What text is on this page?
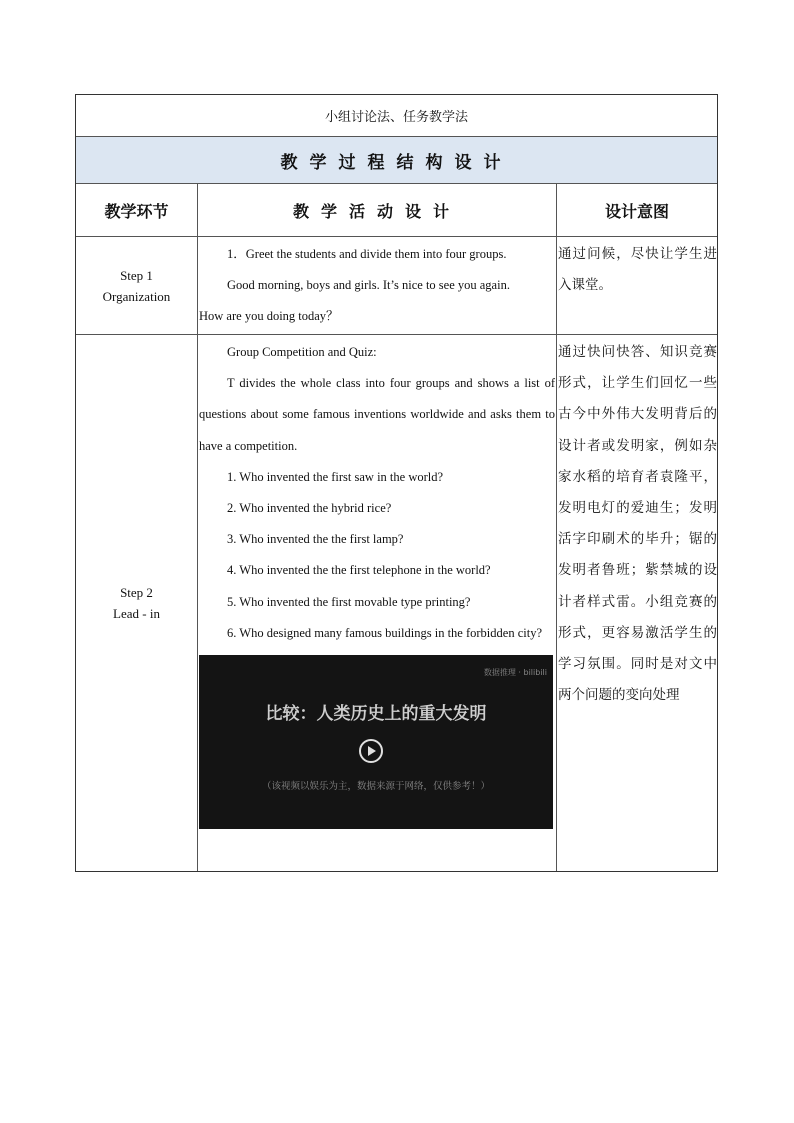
小组讨论法、任务教学法
教学过程结构设计
教学环节	教学活动设计	设计意图
Step 1
Organization

1．Greet the students and divide them into four groups.

Good morning, boys and girls. It’s nice to see you again.

How are you doing today？

通过问候，尽快让学生进入课堂。
Step 2
Lead - in

Group Competition and Quiz:

T divides the whole class into four groups and shows a list of questions about some famous inventions worldwide and asks them to have a competition.

1. Who invented the first saw in the world?

2. Who invented the hybrid rice?

3. Who invented the the first lamp?

4. Who invented the the first telephone in the world?

5. Who invented the first movable type printing?

6. Who designed many famous buildings in the forbidden city?

数据推理 · bilibili
比较：人类历史上的重大发明
（该视频以娱乐为主，数据来源于网络，仅供参考！）
通过快问快答、知识竞赛形式，让学生们回忆一些古今中外伟大发明背后的设计者或发明家，例如杂家水稻的培育者袁隆平，发明电灯的爱迪生；发明活字印刷术的毕升；锯的发明者鲁班；紫禁城的设计者样式雷。小组竞赛的形式，更容易激活学生的学习氛围。同时是对文中两个问题的变向处理
